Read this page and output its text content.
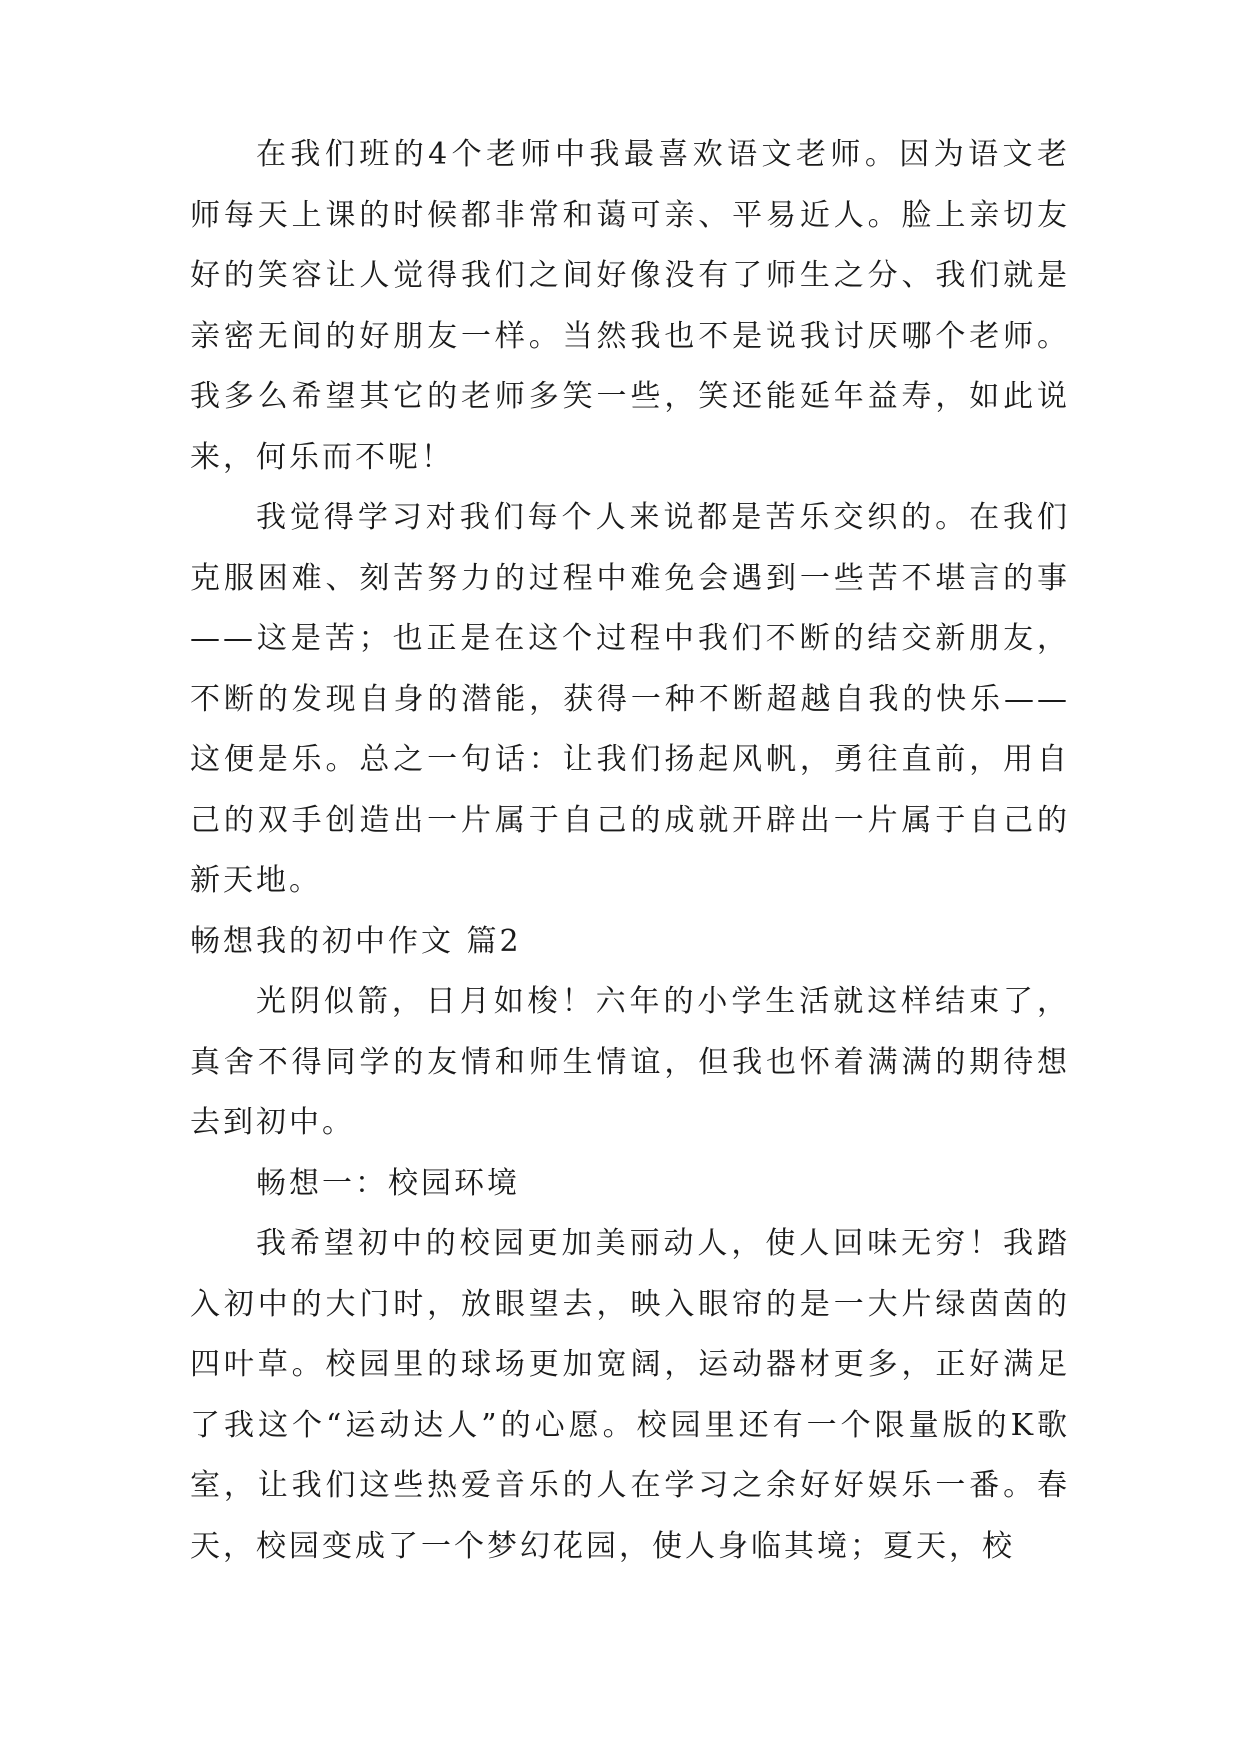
在我们班的4个老师中我最喜欢语文老师。因为语文老师每天上课的时候都非常和蔼可亲、平易近人。脸上亲切友好的笑容让人觉得我们之间好像没有了师生之分、我们就是亲密无间的好朋友一样。当然我也不是说我讨厌哪个老师。我多么希望其它的老师多笑一些，笑还能延年益寿，如此说来，何乐而不呢！

我觉得学习对我们每个人来说都是苦乐交织的。在我们克服困难、刻苦努力的过程中难免会遇到一些苦不堪言的事——这是苦；也正是在这个过程中我们不断的结交新朋友，不断的发现自身的潜能，获得一种不断超越自我的快乐——这便是乐。总之一句话：让我们扬起风帆，勇往直前，用自己的双手创造出一片属于自己的成就开辟出一片属于自己的新天地。

畅想我的初中作文 篇2

光阴似箭，日月如梭！六年的小学生活就这样结束了，真舍不得同学的友情和师生情谊，但我也怀着满满的期待想去到初中。

畅想一：校园环境

我希望初中的校园更加美丽动人，使人回味无穷！我踏入初中的大门时，放眼望去，映入眼帘的是一大片绿茵茵的四叶草。校园里的球场更加宽阔，运动器材更多，正好满足了我这个“运动达人”的心愿。校园里还有一个限量版的K歌室，让我们这些热爱音乐的人在学习之余好好娱乐一番。春天，校园变成了一个梦幻花园，使人身临其境；夏天，校
